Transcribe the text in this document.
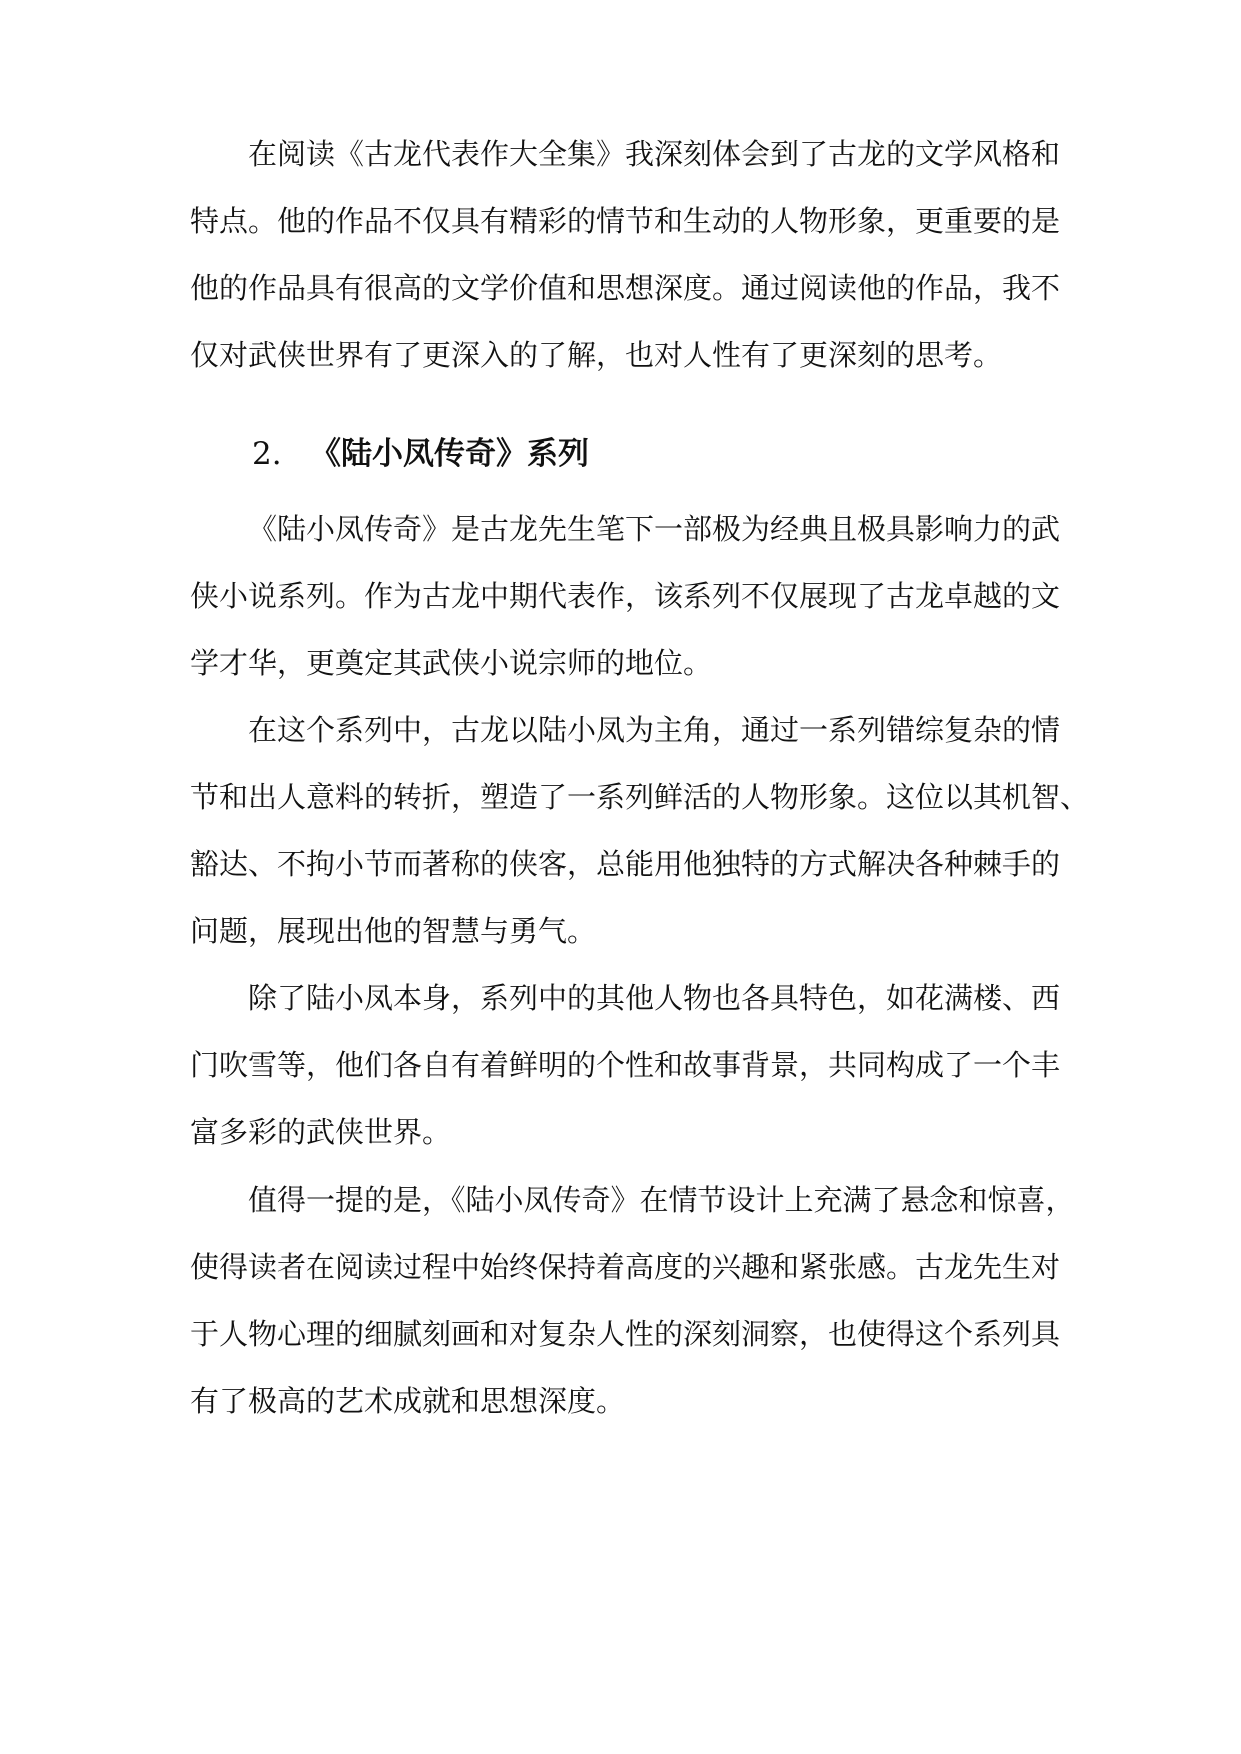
在阅读《古龙代表作大全集》我深刻体会到了古龙的文学风格和
特点。他的作品不仅具有精彩的情节和生动的人物形象，更重要的是
他的作品具有很高的文学价值和思想深度。通过阅读他的作品，我不
仅对武侠世界有了更深入的了解，也对人性有了更深刻的思考。
2. 《陆小凤传奇》系列
《陆小凤传奇》是古龙先生笔下一部极为经典且极具影响力的武
侠小说系列。作为古龙中期代表作，该系列不仅展现了古龙卓越的文
学才华，更奠定其武侠小说宗师的地位。
在这个系列中，古龙以陆小凤为主角，通过一系列错综复杂的情
节和出人意料的转折，塑造了一系列鲜活的人物形象。这位以其机智、
豁达、不拘小节而著称的侠客，总能用他独特的方式解决各种棘手的
问题，展现出他的智慧与勇气。
除了陆小凤本身，系列中的其他人物也各具特色，如花满楼、西
门吹雪等，他们各自有着鲜明的个性和故事背景，共同构成了一个丰
富多彩的武侠世界。
值得一提的是，《陆小凤传奇》在情节设计上充满了悬念和惊喜，
使得读者在阅读过程中始终保持着高度的兴趣和紧张感。古龙先生对
于人物心理的细腻刻画和对复杂人性的深刻洞察，也使得这个系列具
有了极高的艺术成就和思想深度。
